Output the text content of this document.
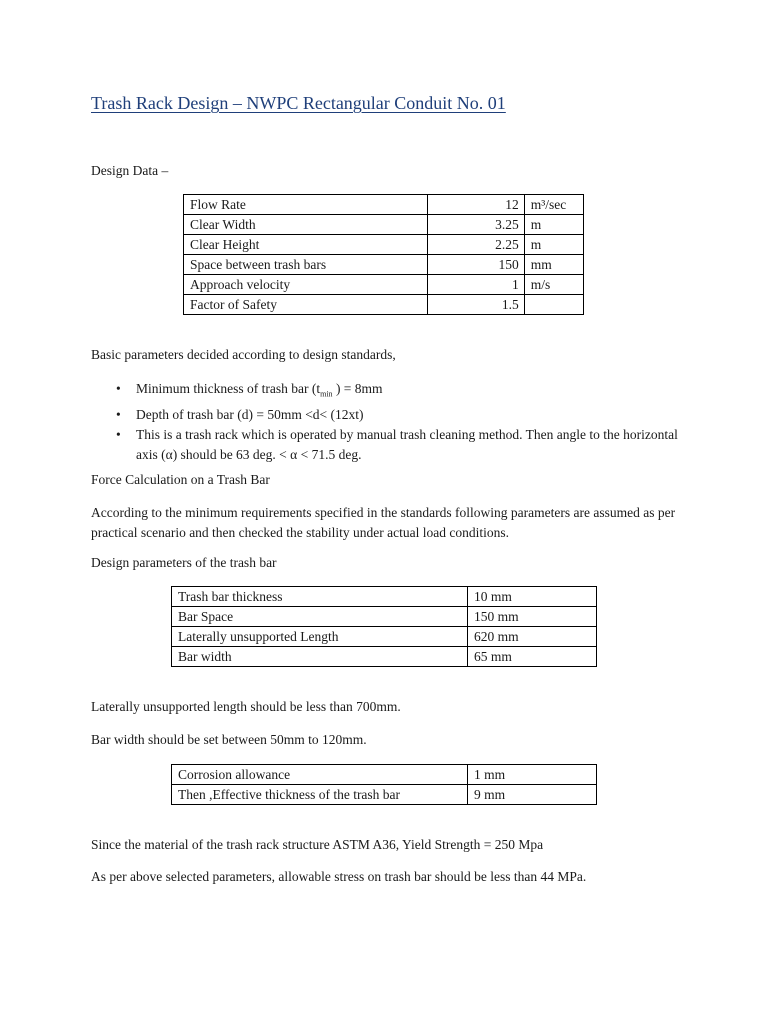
Trash Rack Design – NWPC Rectangular Conduit No. 01
Design Data –
Flow Rate	12	m³/sec
Clear Width	3.25	m
Clear Height	2.25	m
Space between trash bars	150	mm
Approach velocity	1	m/s
Factor of Safety	1.5	
Basic parameters decided according to design standards,
• Minimum thickness of trash bar ($t_{min}$ ) = 8mm
• Depth of trash bar (d) = 50mm <d< (12xt)
• This is a trash rack which is operated by manual trash cleaning method. Then angle to the horizontal axis (α) should be 63 deg. < α < 71.5 deg.
Force Calculation on a Trash Bar
According to the minimum requirements specified in the standards following parameters are assumed as per practical scenario and then checked the stability under actual load conditions.
Design parameters of the trash bar
Trash bar thickness	10 mm
Bar Space	150 mm
Laterally unsupported Length	620 mm
Bar width	65 mm
Laterally unsupported length should be less than 700mm.
Bar width should be set between 50mm to 120mm.
Corrosion allowance	1 mm
Then ,Effective thickness of the trash bar	9 mm
Since the material of the trash rack structure ASTM A36, Yield Strength = 250 Mpa
As per above selected parameters, allowable stress on trash bar should be less than 44 MPa.
